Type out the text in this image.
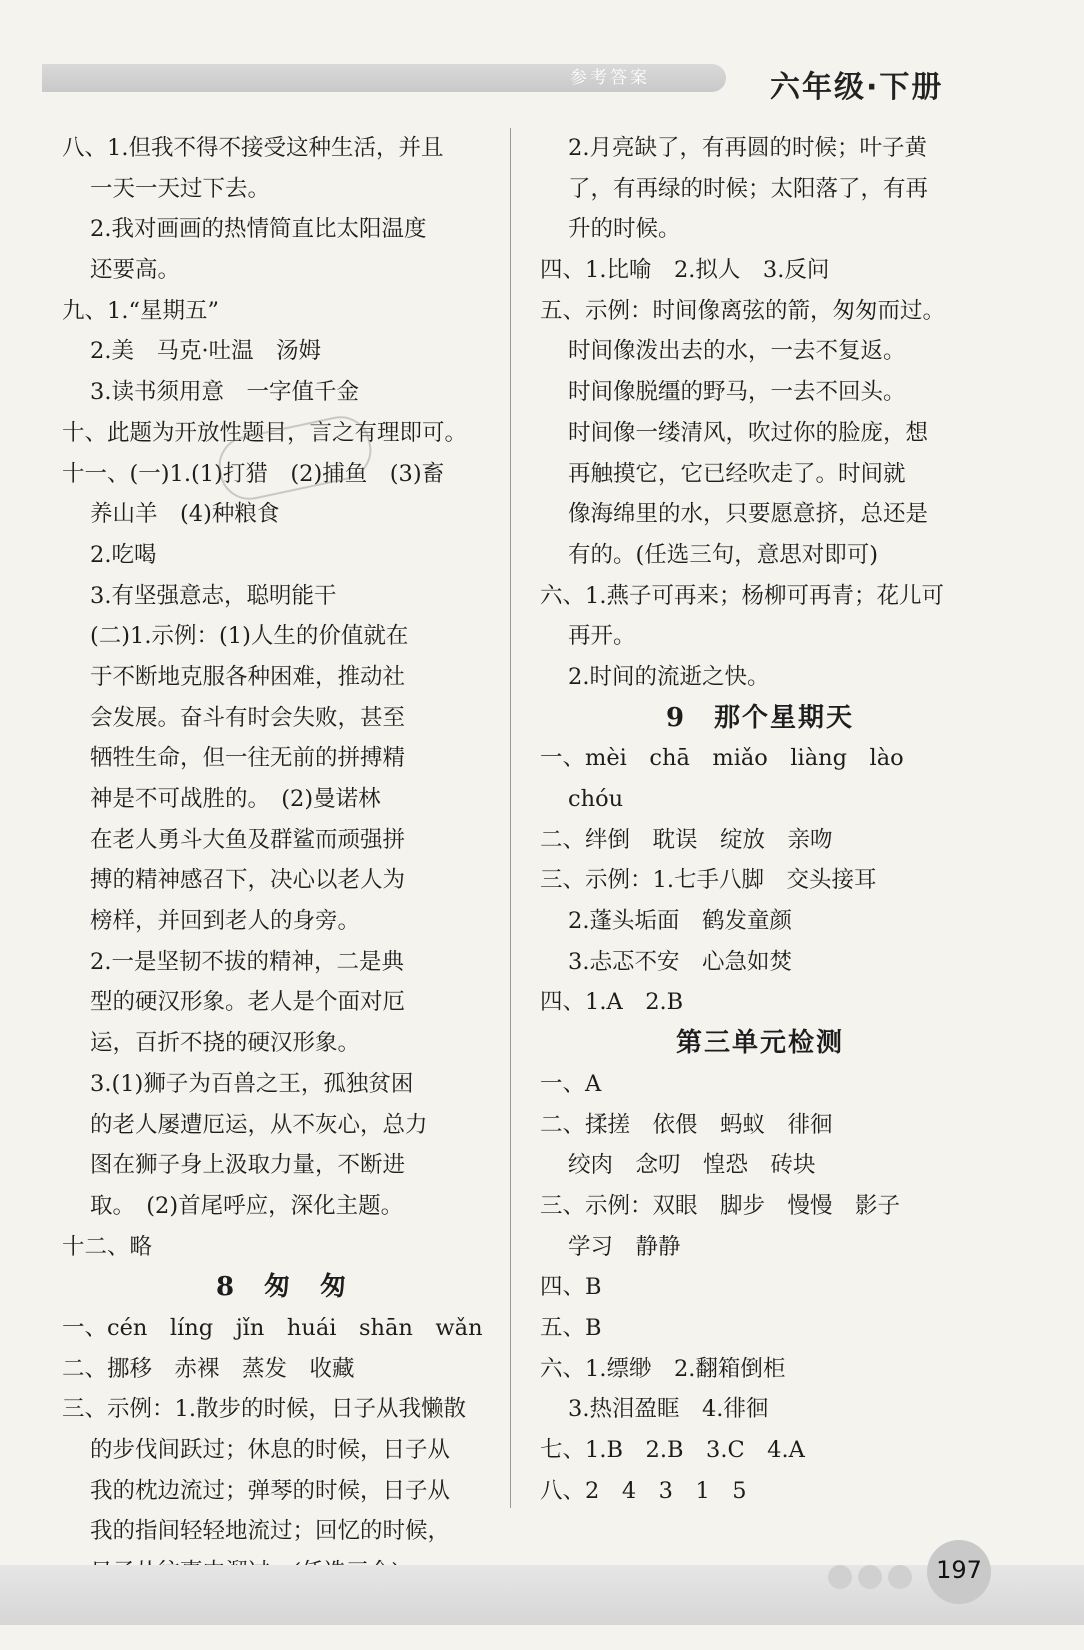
参考答案	六年级·下册
八、1.但我不得不接受这种生活，并且
一天一天过下去。
2.我对画画的热情简直比太阳温度
还要高。
九、1.“星期五”
2.美　马克·吐温　汤姆
3.读书须用意　一字值千金
十、此题为开放性题目，言之有理即可。
十一、(一)1.(1)打猎　(2)捕鱼　(3)畜
养山羊　(4)种粮食
2.吃喝
3.有坚强意志，聪明能干
(二)1.示例：(1)人生的价值就在
于不断地克服各种困难，推动社
会发展。奋斗有时会失败，甚至
牺牲生命，但一往无前的拼搏精
神是不可战胜的。　(2)曼诺林
在老人勇斗大鱼及群鲨而顽强拼
搏的精神感召下，决心以老人为
榜样，并回到老人的身旁。
2.一是坚韧不拔的精神，二是典
型的硬汉形象。老人是个面对厄
运，百折不挠的硬汉形象。
3.(1)狮子为百兽之王，孤独贫困
的老人屡遭厄运，从不灰心，总力
图在狮子身上汲取力量，不断进
取。　(2)首尾呼应，深化主题。
十二、略
8　匆　匆
一、cén　líng　jǐn　huái　shān　wǎn
二、挪移　赤裸　蒸发　收藏
三、示例：1.散步的时候，日子从我懒散
的步伐间跃过；休息的时候，日子从
我的枕边流过；弹琴的时候，日子从
我的指间轻轻地流过；回忆的时候，
2.月亮缺了，有再圆的时候；叶子黄
了，有再绿的时候；太阳落了，有再
升的时候。
四、1.比喻　2.拟人　3.反问
五、示例：时间像离弦的箭，匆匆而过。
时间像泼出去的水，一去不复返。
时间像脱缰的野马，一去不回头。
时间像一缕清风，吹过你的脸庞，想
再触摸它，它已经吹走了。时间就
像海绵里的水，只要愿意挤，总还是
有的。(任选三句，意思对即可)
六、1.燕子可再来；杨柳可再青；花儿可
再开。
2.时间的流逝之快。
9　那个星期天
一、mèi　chā　miǎo　liàng　lào
chóu
二、绊倒　耽误　绽放　亲吻
三、示例：1.七手八脚　交头接耳
2.蓬头垢面　鹤发童颜
3.忐忑不安　心急如焚
四、1.A　2.B
第三单元检测
一、A
二、揉搓　依偎　蚂蚁　徘徊
绞肉　念叨　惶恐　砖块
三、示例：双眼　脚步　慢慢　影子
学习　静静
四、B
五、B
六、1.缥缈　2.翻箱倒柜
3.热泪盈眶　4.徘徊
七、1.B　2.B　3.C　4.A
八、2　4　3　1　5
197
